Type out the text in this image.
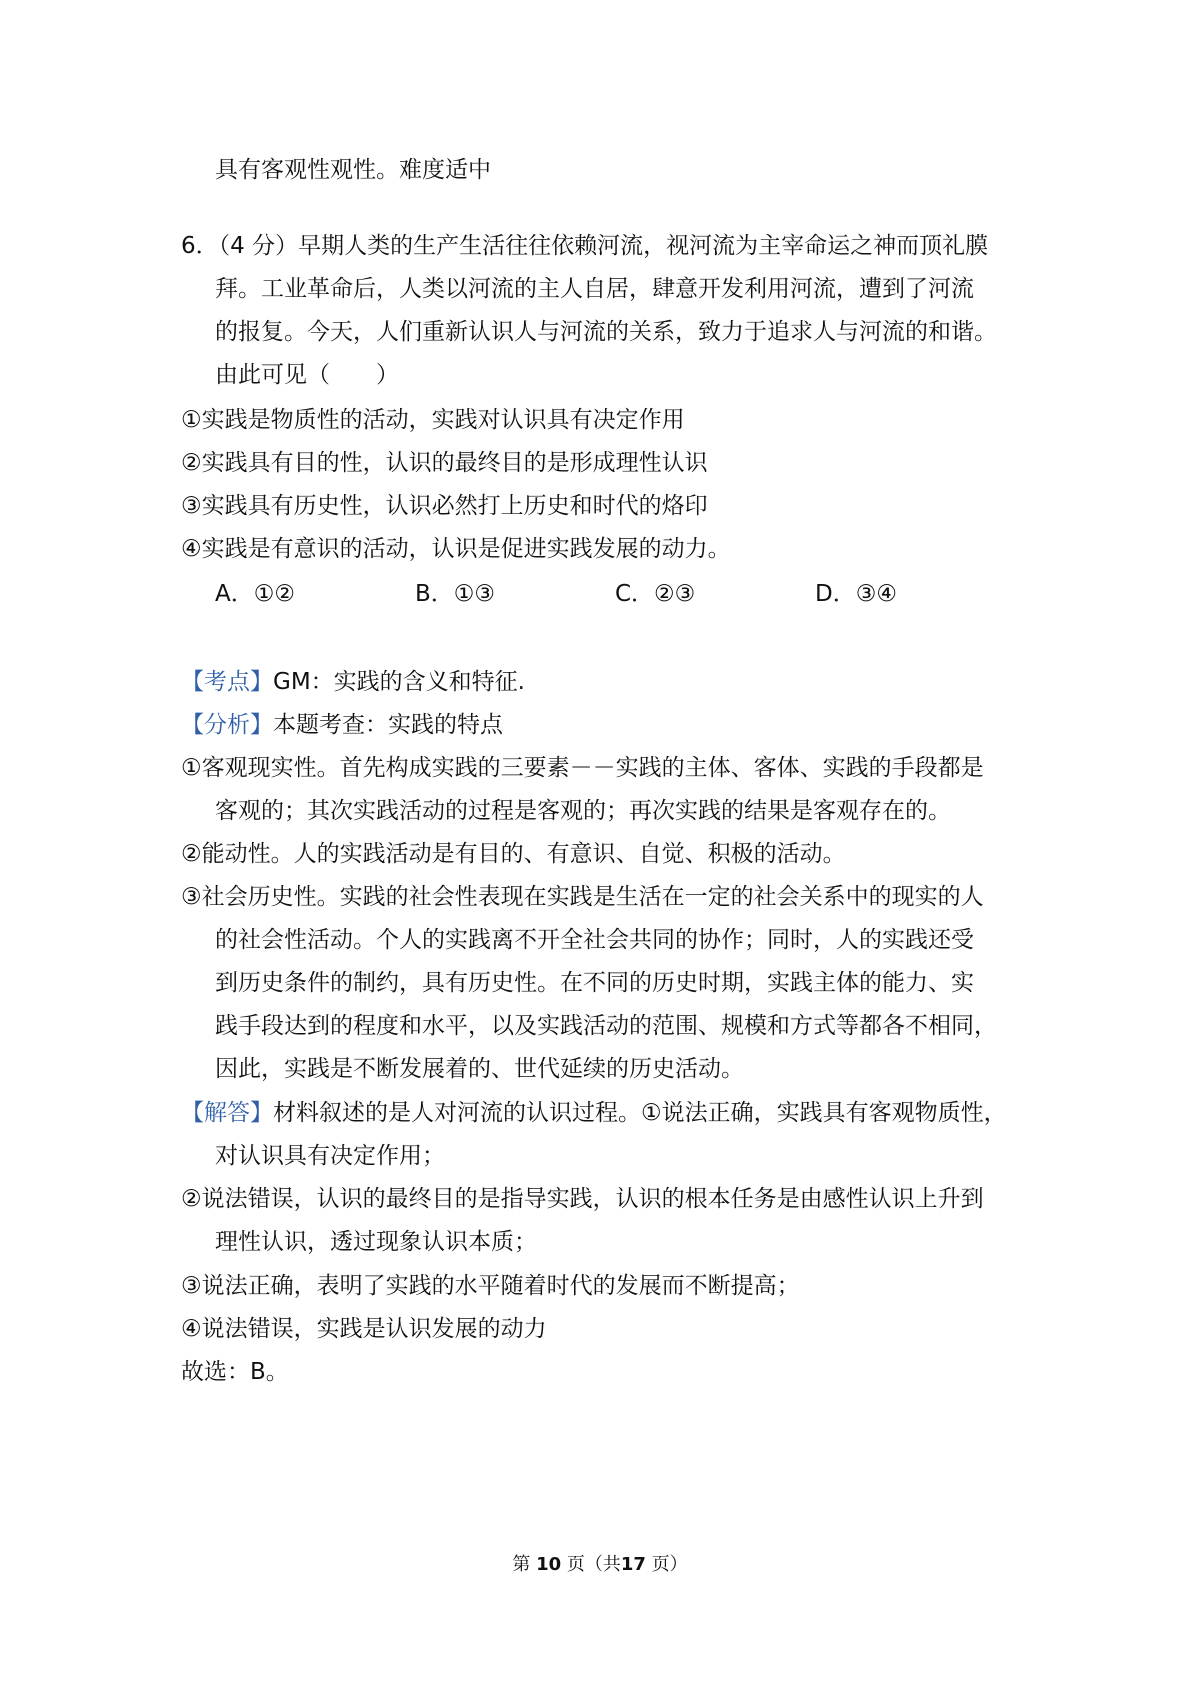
具有客观性观性。难度适中
6．（4 分）早期人类的生产生活往往依赖河流，视河流为主宰命运之神而顶礼膜
拜。工业革命后，人类以河流的主人自居，肆意开发利用河流，遭到了河流
的报复。今天，人们重新认识人与河流的关系，致力于追求人与河流的和谐。
由此可见（　　）
①实践是物质性的活动，实践对认识具有决定作用
②实践具有目的性，认识的最终目的是形成理性认识
③实践具有历史性，认识必然打上历史和时代的烙印
④实践是有意识的活动，认识是促进实践发展的动力。
A．①②	B．①③	C．②③	D．③④
【考点】GM：实践的含义和特征.
【分析】本题考查：实践的特点
①客观现实性。首先构成实践的三要素－－实践的主体、客体、实践的手段都是
客观的；其次实践活动的过程是客观的；再次实践的结果是客观存在的。
②能动性。人的实践活动是有目的、有意识、自觉、积极的活动。
③社会历史性。实践的社会性表现在实践是生活在一定的社会关系中的现实的人
的社会性活动。个人的实践离不开全社会共同的协作；同时，人的实践还受
到历史条件的制约，具有历史性。在不同的历史时期，实践主体的能力、实
践手段达到的程度和水平，以及实践活动的范围、规模和方式等都各不相同，
因此，实践是不断发展着的、世代延续的历史活动。
【解答】材料叙述的是人对河流的认识过程。①说法正确，实践具有客观物质性，
对认识具有决定作用；
②说法错误，认识的最终目的是指导实践，认识的根本任务是由感性认识上升到
理性认识，透过现象认识本质；
③说法正确，表明了实践的水平随着时代的发展而不断提高；
④说法错误，实践是认识发展的动力
故选：B。
第 10 页（共17 页）
